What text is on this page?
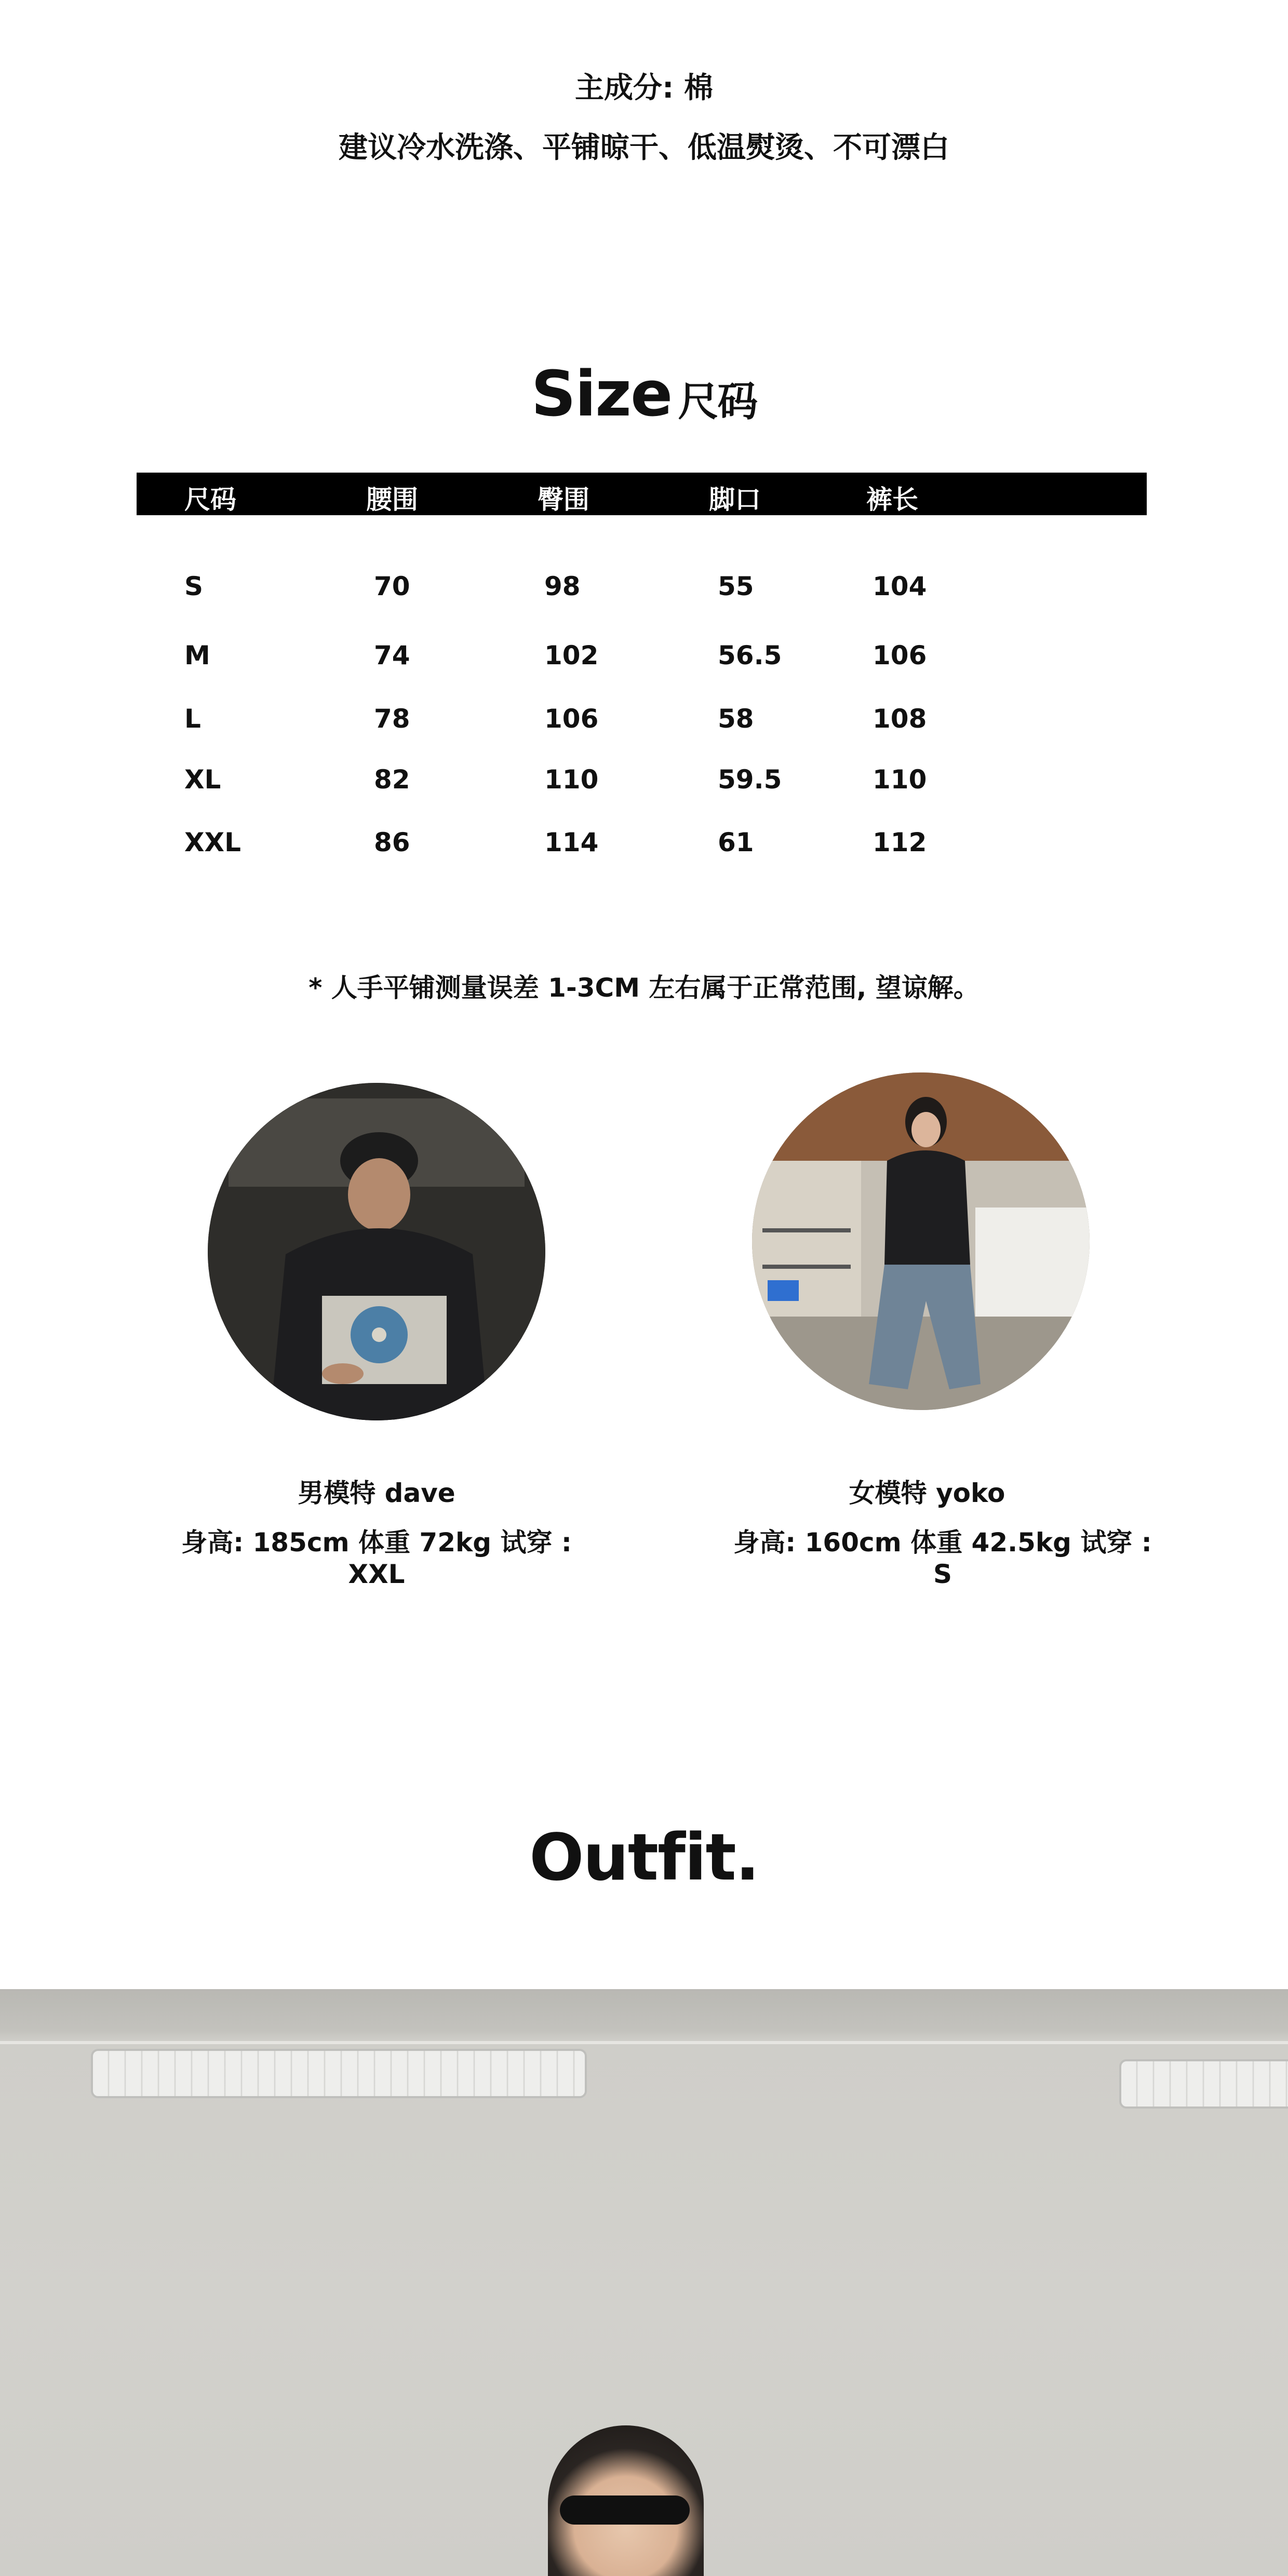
主成分: 棉
建议冷水洗涤、平铺晾干、低温熨烫、不可漂白
Size 尺码
尺码	腰围	臀围	脚口	裤长
S	70	98	55	104
M	74	102	56.5	106
L	78	106	58	108
XL	82	110	59.5	110
XXL	86	114	61	112
* 人手平铺测量误差 1-3CM 左右属于正常范围, 望谅解。
男模特 dave
身高: 185cm 体重 72kg 试穿 : XXL
女模特 yoko
身高: 160cm 体重 42.5kg 试穿 : S
Outfit.
